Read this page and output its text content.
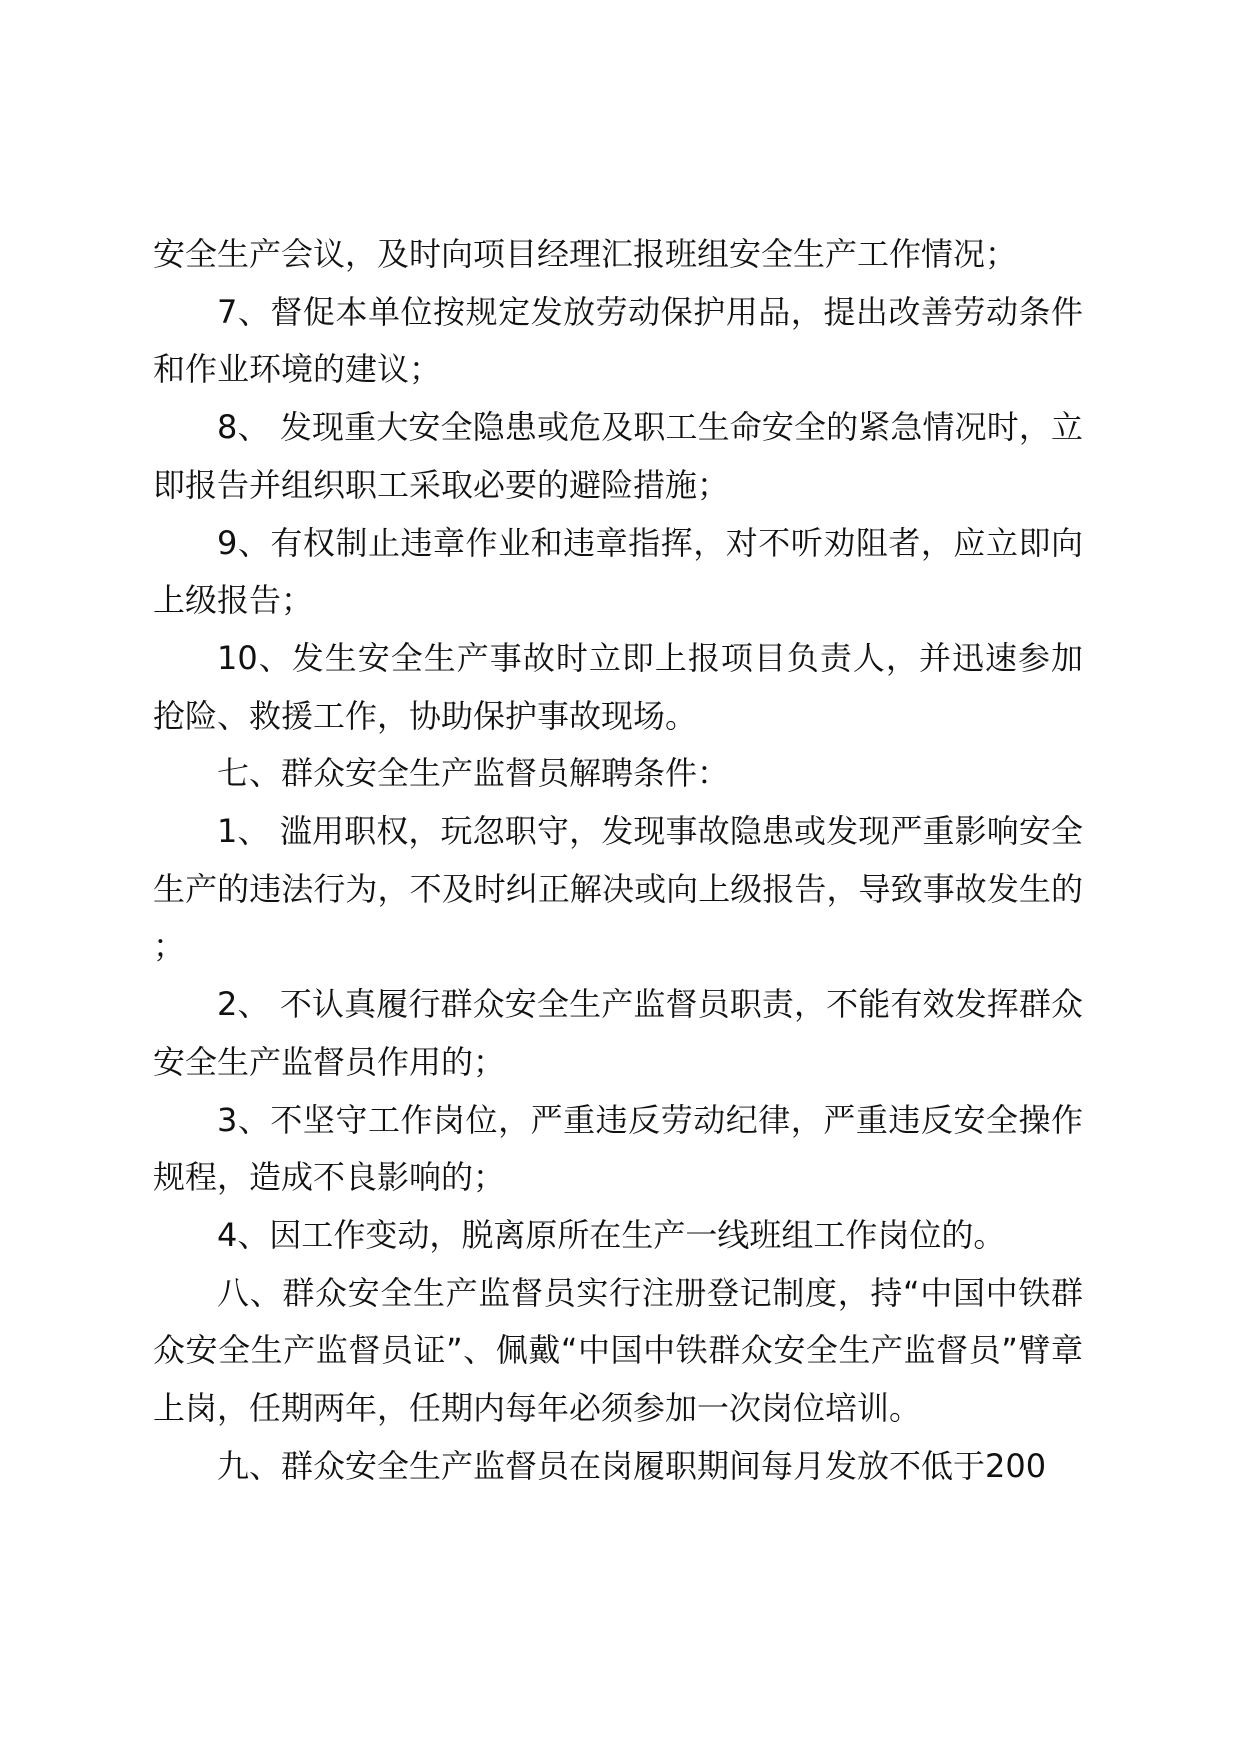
安全生产会议，及时向项目经理汇报班组安全生产工作情况；

7、督促本单位按规定发放劳动保护用品，提出改善劳动条件和作业环境的建议；

8、 发现重大安全隐患或危及职工生命安全的紧急情况时，立即报告并组织职工采取必要的避险措施；

9、有权制止违章作业和违章指挥，对不听劝阻者，应立即向上级报告；

10、发生安全生产事故时立即上报项目负责人，并迅速参加抢险、救援工作，协助保护事故现场。

七、群众安全生产监督员解聘条件：

1、 滥用职权，玩忽职守，发现事故隐患或发现严重影响安全生产的违法行为，不及时纠正解决或向上级报告，导致事故发生的；

2、 不认真履行群众安全生产监督员职责，不能有效发挥群众安全生产监督员作用的；

3、不坚守工作岗位，严重违反劳动纪律，严重违反安全操作规程，造成不良影响的；

4、因工作变动，脱离原所在生产一线班组工作岗位的。

八、群众安全生产监督员实行注册登记制度，持“中国中铁群众安全生产监督员证”、佩戴“中国中铁群众安全生产监督员”臂章上岗，任期两年，任期内每年必须参加一次岗位培训。

九、群众安全生产监督员在岗履职期间每月发放不低于200
